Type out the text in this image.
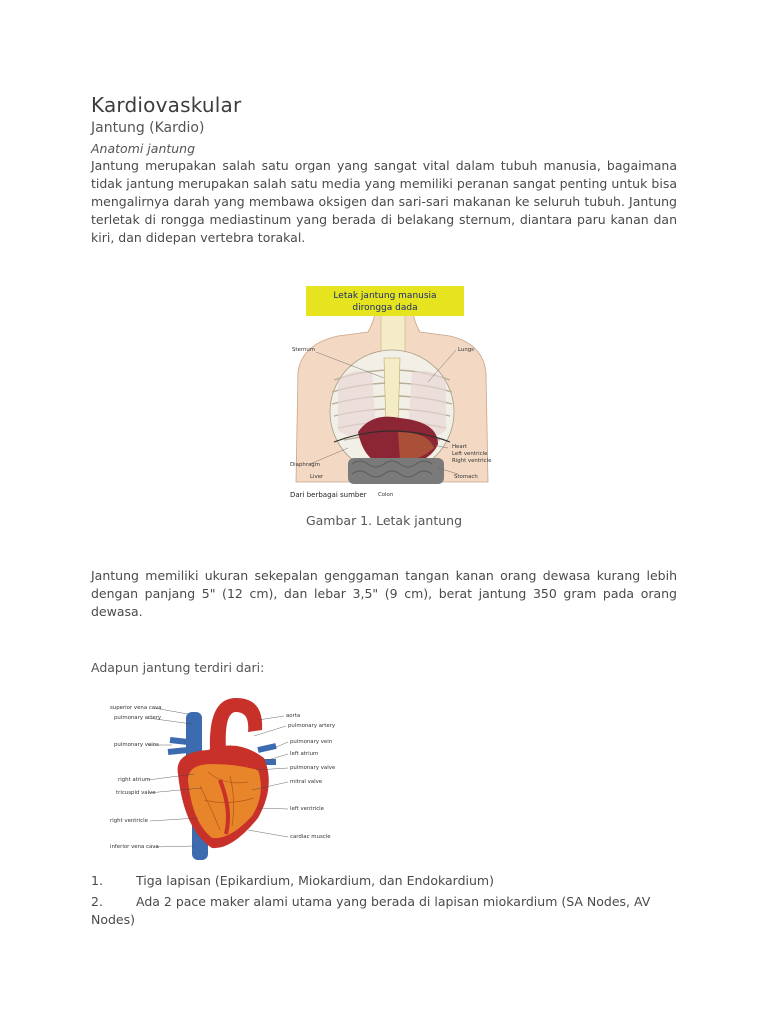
Kardiovaskular
Jantung (Kardio)
Anatomi jantung

Jantung merupakan salah satu organ yang sangat vital dalam tubuh manusia, bagaimana tidak jantung merupakan salah satu media yang memiliki peranan sangat penting untuk bisa mengalirnya darah yang membawa oksigen dan sari-sari makanan ke seluruh tubuh. Jantung terletak di rongga mediastinum yang berada di belakang sternum, diantara paru kanan dan kiri, dan didepan vertebra torakal.

Letak jantung manusia
dirongga dada
Sternum	Lungs
Heart
Left ventricle
Right ventricle
Diaphragm
Liver	Stomach
Colon
Dari berbagai sumber
Gambar 1. Letak jantung

Jantung memiliki ukuran sekepalan genggaman tangan kanan orang dewasa kurang lebih dengan panjang 5" (12 cm), dan lebar 3,5" (9 cm), berat jantung 350 gram pada orang dewasa.

Adapun jantung terdiri dari:
superior vena cava
pulmonary artery
pulmonary veins
right atrium
tricuspid valve
right ventricle
inferior vena cava
aorta
pulmonary artery
pulmonary vein
left atrium
pulmonary valve
mitral valve
left ventricle
cardiac muscle
1.	Tiga lapisan (Epikardium, Miokardium, dan Endokardium)
2.	Ada 2 pace maker alami utama yang berada di lapisan miokardium (SA Nodes, AV Nodes)
